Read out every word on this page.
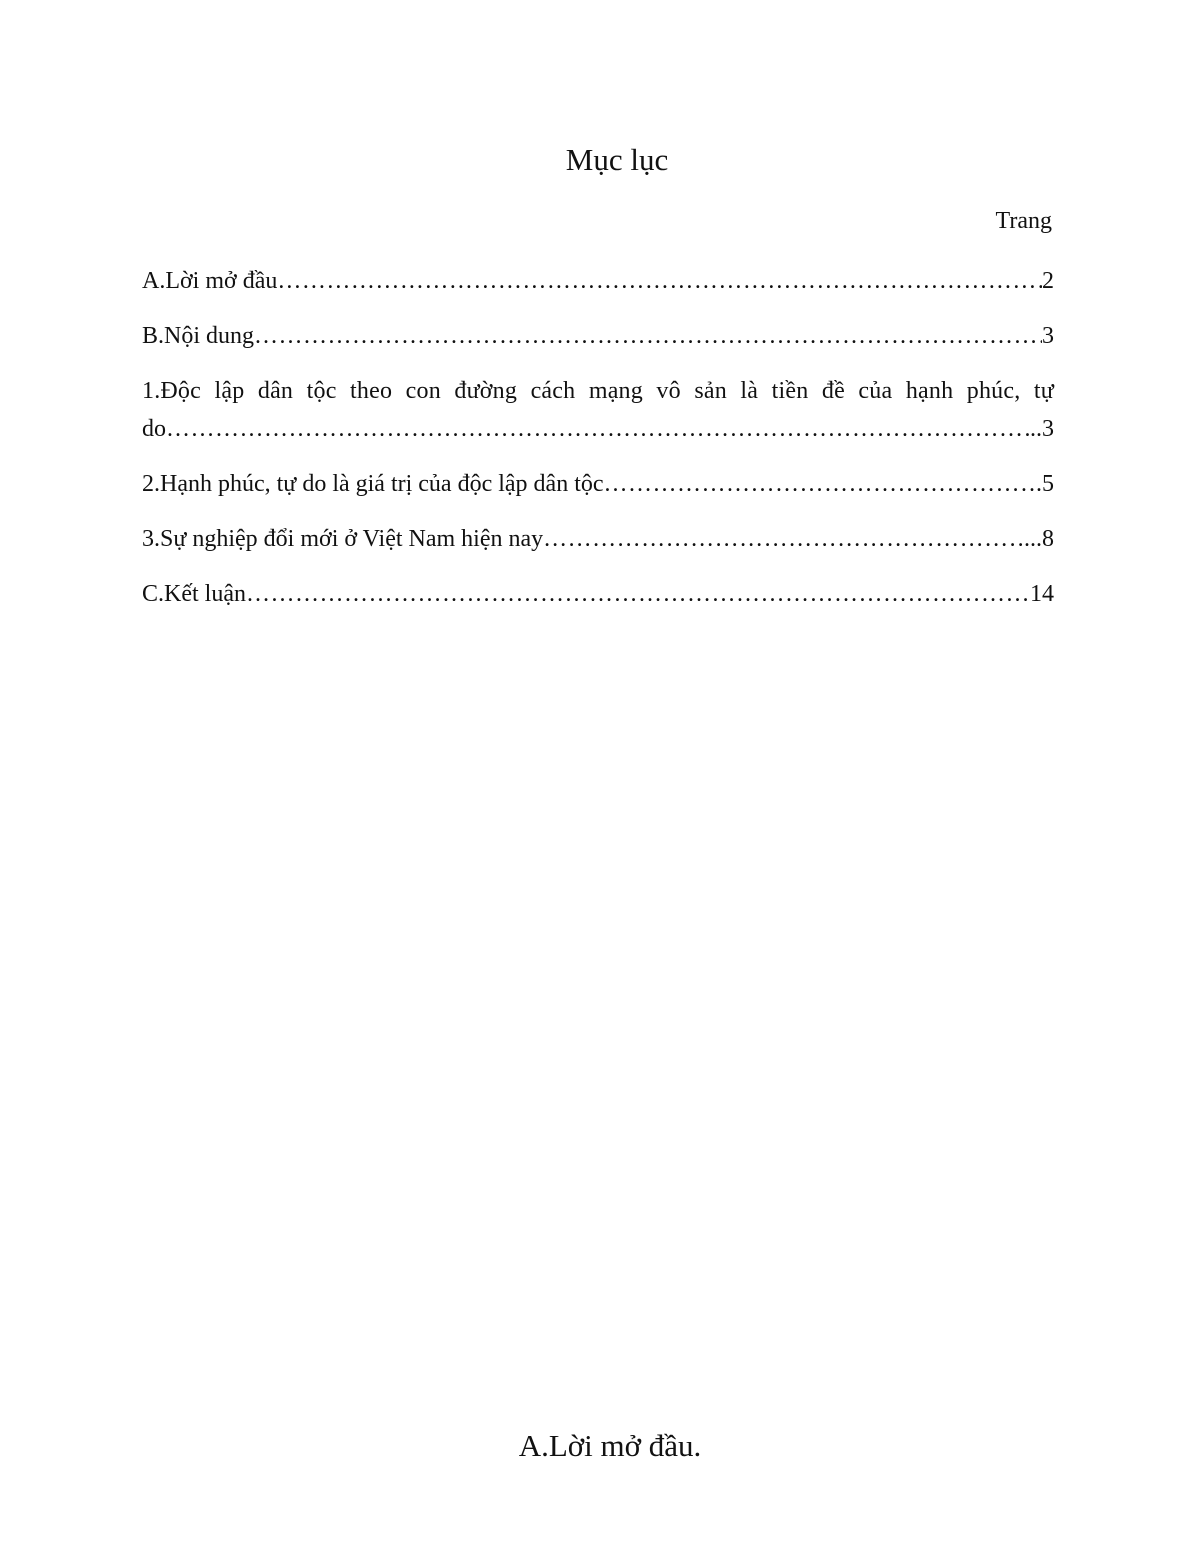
Mục lục
Trang
A.Lời mở đầu ………………………………………………………………………………………………………………………………………………………………	2
B.Nội dung ………………………………………………………………………………………………………………………………………………………………	3
1.Độc lập dân tộc theo con đường cách mạng vô sản là tiền đề của hạnh phúc, tự
do ………………………………………………………………………………………………………………………………………………………………	..3
2.Hạnh phúc, tự do là giá trị của độc lập dân tộc ………………………………………………………………………………………………………………………………………………………………	.5
3.Sự nghiệp đổi mới ở Việt Nam hiện nay ………………………………………………………………………………………………………………………………………………………………	...8
C.Kết luận ………………………………………………………………………………………………………………………………………………………………	14
A.Lời mở đầu.
